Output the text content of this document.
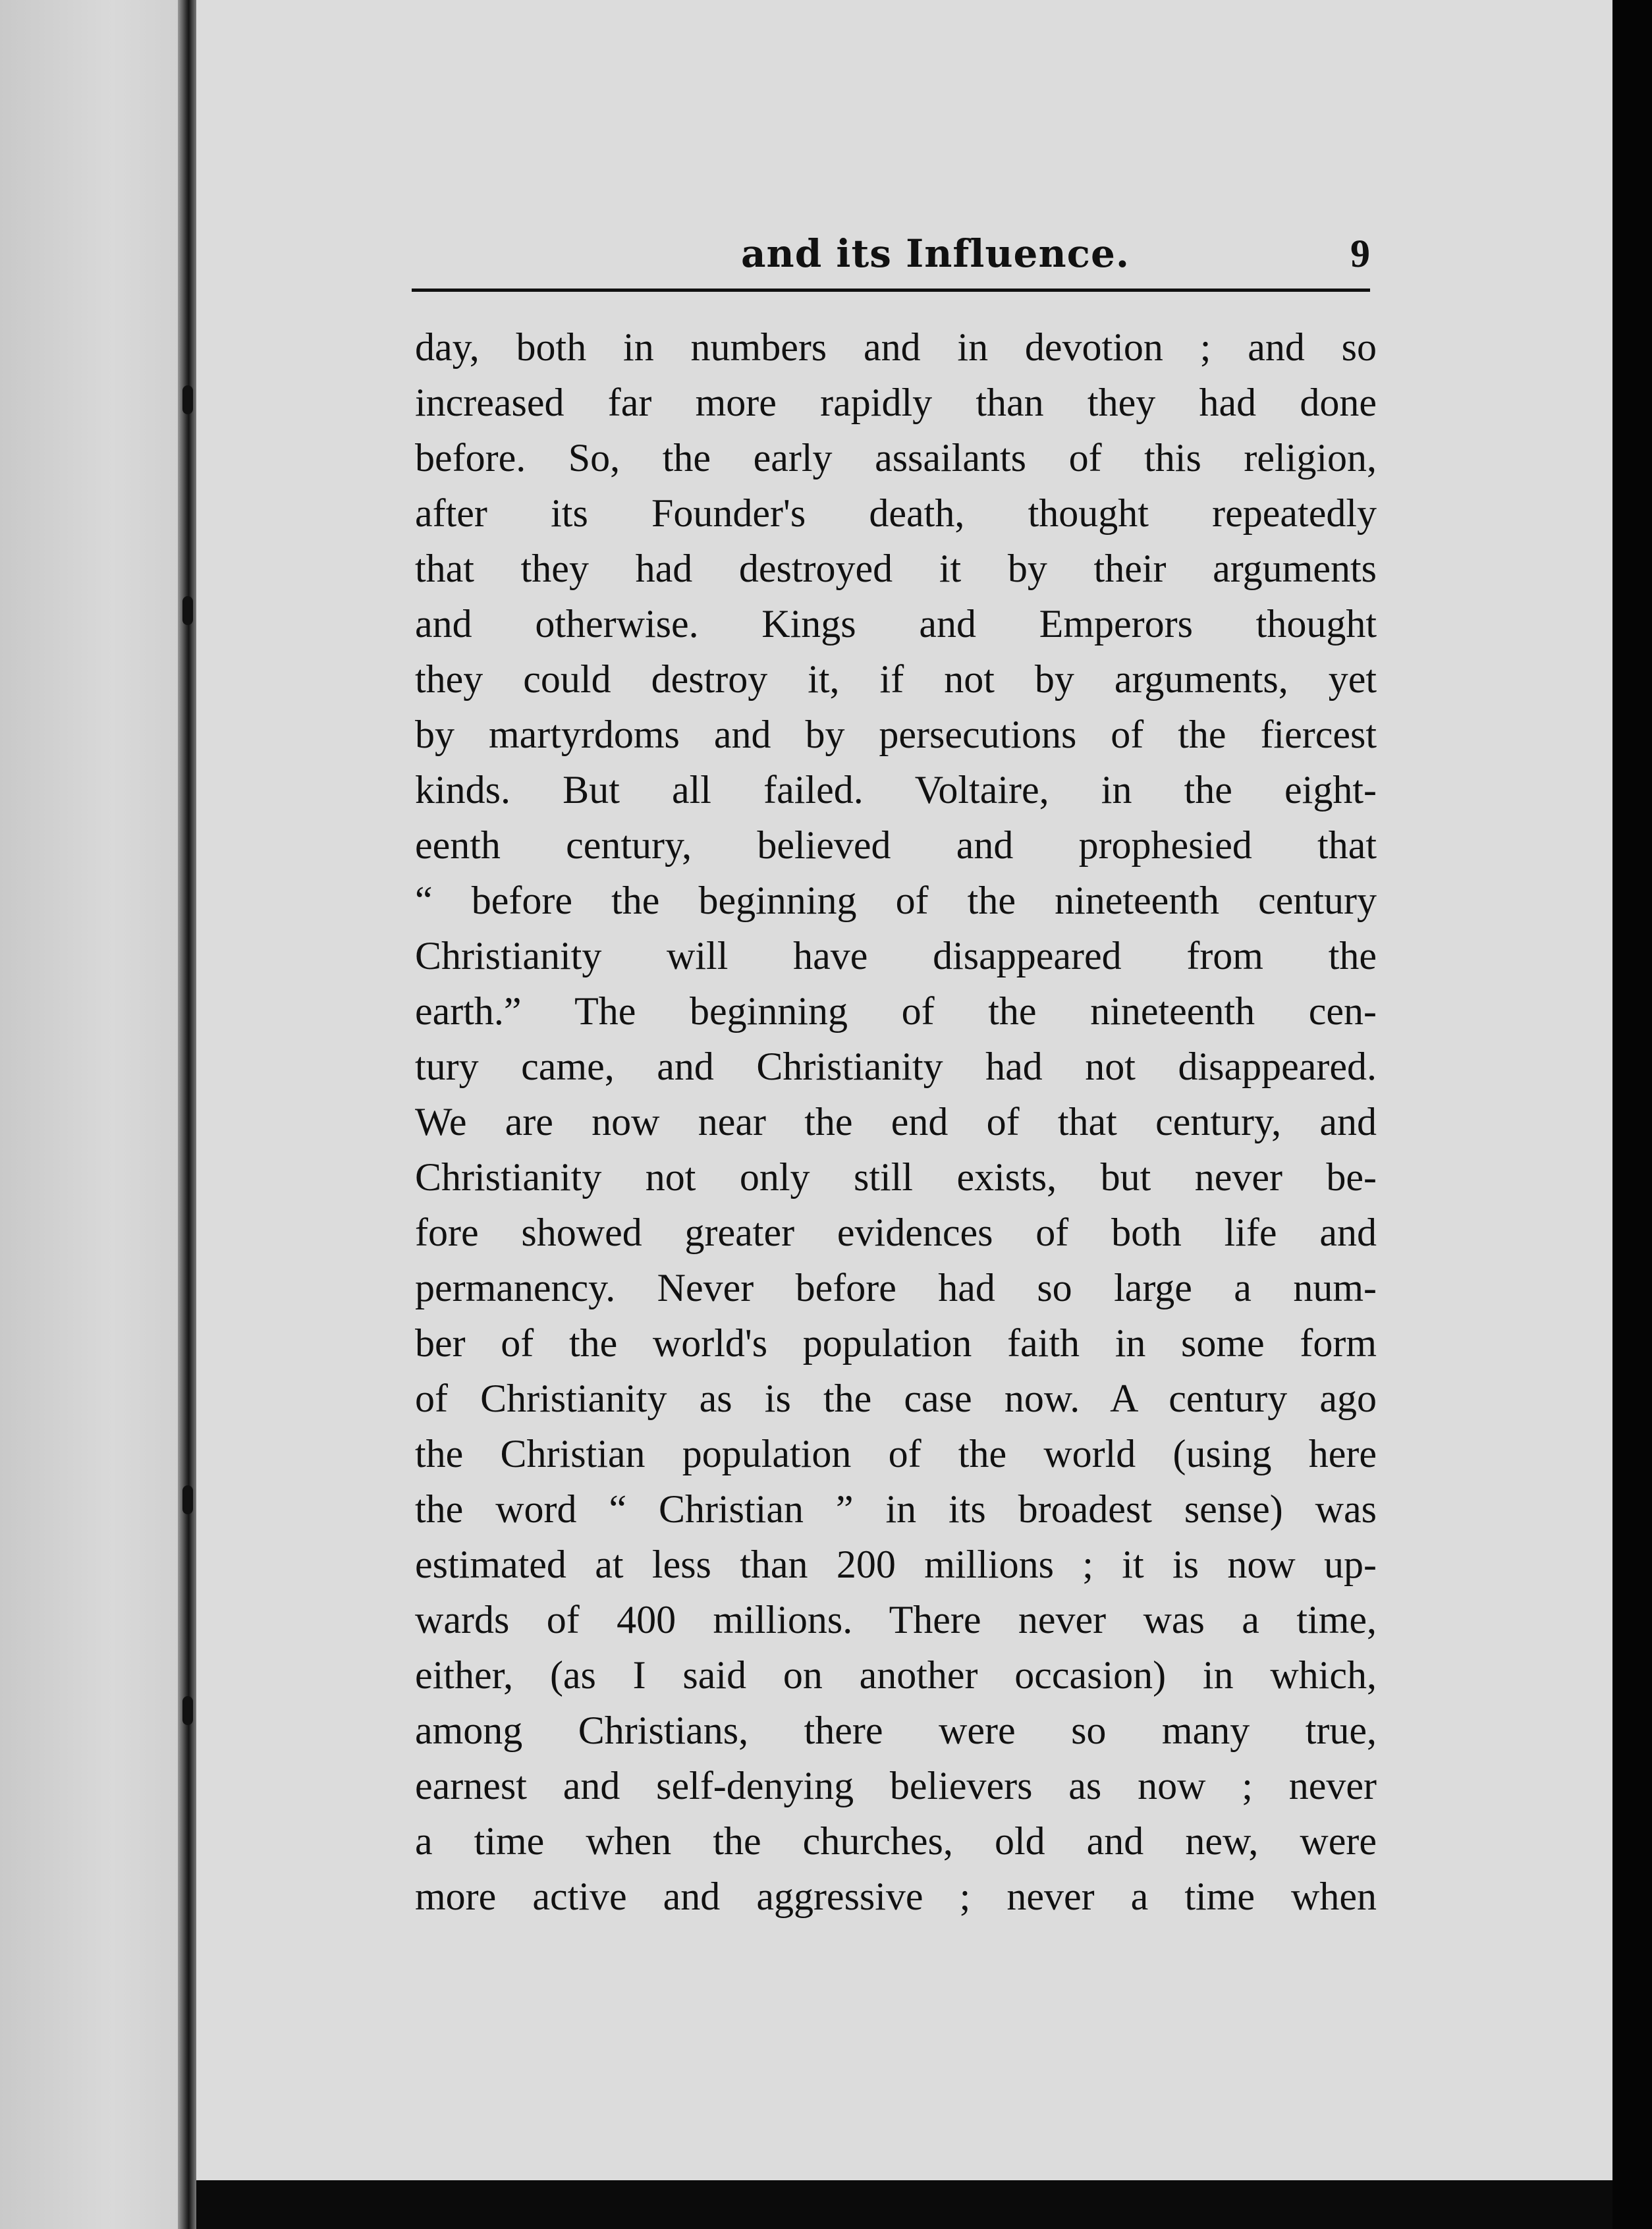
and its Influence.	9
day, both in numbers and in devotion ; and so
increased far more rapidly than they had done
before. So, the early assailants of this religion,
after its Founder's death, thought repeatedly
that they had destroyed it by their arguments
and otherwise. Kings and Emperors thought
they could destroy it, if not by arguments, yet
by martyrdoms and by persecutions of the fiercest
kinds. But all failed. Voltaire, in the eight-
eenth century, believed and prophesied that
“ before the beginning of the nineteenth century
Christianity will have disappeared from the
earth.” The beginning of the nineteenth cen-
tury came, and Christianity had not disappeared.
We are now near the end of that century, and
Christianity not only still exists, but never be-
fore showed greater evidences of both life and
permanency. Never before had so large a num-
ber of the world's population faith in some form
of Christianity as is the case now. A century ago
the Christian population of the world (using here
the word “ Christian ” in its broadest sense) was
estimated at less than 200 millions ; it is now up-
wards of 400 millions. There never was a time,
either, (as I said on another occasion) in which,
among Christians, there were so many true,
earnest and self-denying believers as now ; never
a time when the churches, old and new, were
more active and aggressive ; never a time when
